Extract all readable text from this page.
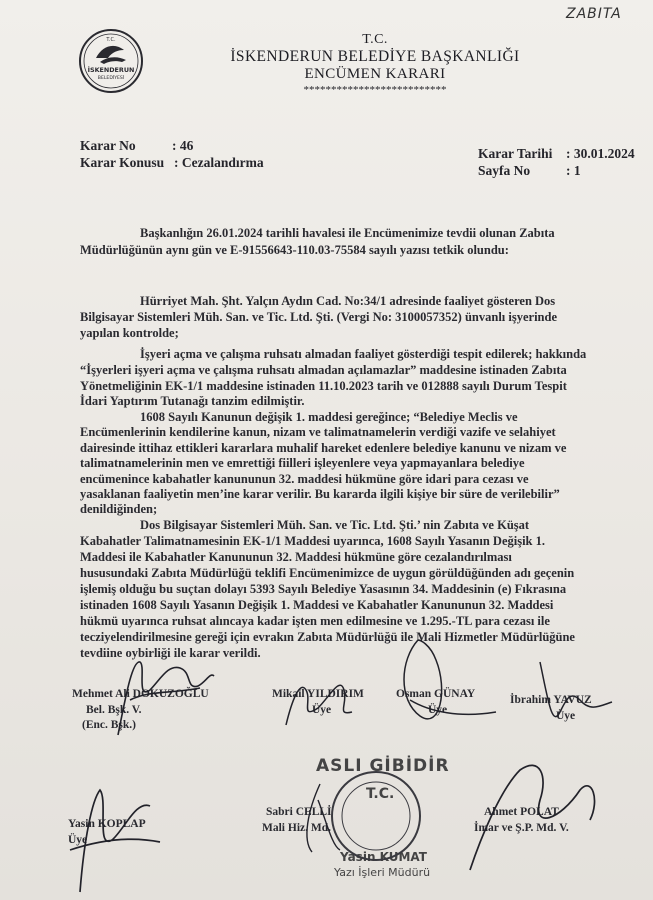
ZABITA
T.C.
İSKENDERUN
BELEDİYESİ
T.C.
İSKENDERUN BELEDİYE BAŞKANLIĞI
ENCÜMEN KARARI
**************************
Karar No	: 46
Karar Konusu : Cezalandırma
Karar Tarihi : 30.01.2024
Sayfa No	: 1
Başkanlığın 26.01.2024 tarihli havalesi ile Encümenimize tevdii olunan Zabıta
Müdürlüğünün aynı gün ve E-91556643-110.03-75584 sayılı yazısı tetkik olundu:
Hürriyet Mah. Şht. Yalçın Aydın Cad. No:34/1 adresinde faaliyet gösteren Dos
Bilgisayar Sistemleri Müh. San. ve Tic. Ltd. Şti. (Vergi No: 3100057352) ünvanlı işyerinde
yapılan kontrolde;
İşyeri açma ve çalışma ruhsatı almadan faaliyet gösterdiği tespit edilerek; hakkında
“İşyerleri işyeri açma ve çalışma ruhsatı almadan açılamazlar” maddesine istinaden Zabıta
Yönetmeliğinin EK-1/1 maddesine istinaden 11.10.2023 tarih ve 012888 sayılı Durum Tespit
İdari Yaptırım Tutanağı tanzim edilmiştir.
1608 Sayılı Kanunun değişik 1. maddesi gereğince; “Belediye Meclis ve
Encümenlerinin kendilerine kanun, nizam ve talimatnamelerin verdiği vazife ve selahiyet
dairesinde ittihaz ettikleri kararlara muhalif hareket edenlere belediye kanunu ve nizam ve
talimatnamelerinin men ve emrettiği fiilleri işleyenlere veya yapmayanlara belediye
encümenince kabahatler kanununun 32. maddesi hükmüne göre idari para cezası ve
yasaklanan faaliyetin men’ine karar verilir. Bu kararda ilgili kişiye bir süre de verilebilir”
denildiğinden;
Dos Bilgisayar Sistemleri Müh. San. ve Tic. Ltd. Şti.’ nin Zabıta ve Küşat
Kabahatler Talimatnamesinin EK-1/1 Maddesi uyarınca, 1608 Sayılı Yasanın Değişik 1.
Maddesi ile Kabahatler Kanununun 32. Maddesi hükmüne göre cezalandırılması
hususundaki Zabıta Müdürlüğü teklifi Encümenimizce de uygun görüldüğünden adı geçenin
işlemiş olduğu bu suçtan dolayı 5393 Sayılı Belediye Yasasının 34. Maddesinin (e) Fıkrasına
istinaden 1608 Sayılı Yasanın Değişik 1. Maddesi ve Kabahatler Kanununun 32. Maddesi
hükmü uyarınca ruhsat alıncaya kadar işten men edilmesine ve 1.295.-TL para cezası ile
tecziyelendirilmesine gereği için evrakın Zabıta Müdürlüğü ile Mali Hizmetler Müdürlüğüne
tevdiine oybirliği ile karar verildi.
Mehmet Ali DOKUZOĞLU
Bel. Bşk. V.
(Enc. Bşk.)
Mikail YILDIRIM
Üye
Osman GÜNAY
Üye
İbrahim YAVUZ
Üye
Yasin KOPLAP
Üye
Sabri CELLİ
Mali Hiz. Md.
Ahmet POLAT
İmar ve Ş.P. Md. V.
ASLI GİBİDİR
T.C.
Yasin KUMAT
Yazı İşleri Müdürü
